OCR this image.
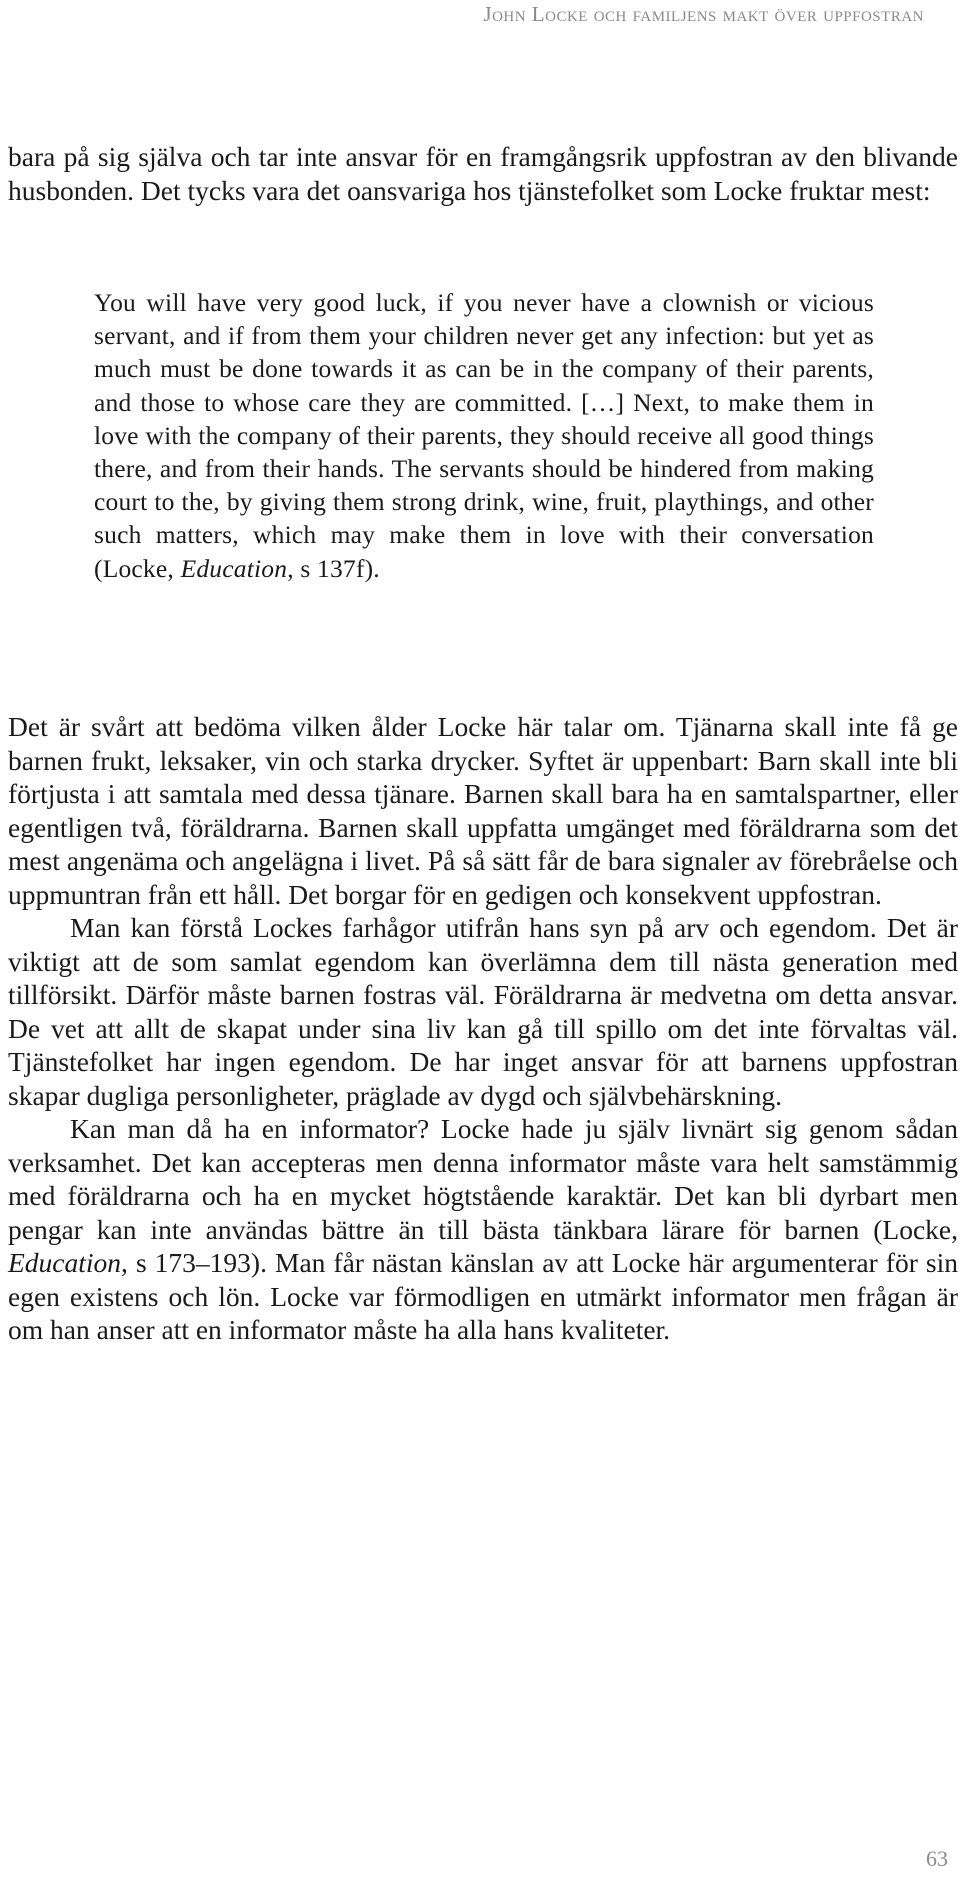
John Locke och familjens makt över uppfostran

bara på sig själva och tar inte ansvar för en framgångsrik uppfostran av den blivande husbonden. Det tycks vara det oansvariga hos tjänstefolket som Locke fruktar mest:

You will have very good luck, if you never have a clownish or vicious servant, and if from them your children never get any infection: but yet as much must be done towards it as can be in the company of their parents, and those to whose care they are committed. […] Next, to make them in love with the company of their parents, they should receive all good things there, and from their hands. The servants should be hindered from making court to the, by giving them strong drink, wine, fruit, playthings, and other such matters, which may make them in love with their conversation (Locke, Education, s 137f).

Det är svårt att bedöma vilken ålder Locke här talar om. Tjänarna skall inte få ge barnen frukt, leksaker, vin och starka drycker. Syftet är uppenbart: Barn skall inte bli förtjusta i att samtala med dessa tjänare. Barnen skall bara ha en samtalspartner, eller egentligen två, föräldrarna. Barnen skall uppfatta umgänget med föräldrarna som det mest angenäma och angelägna i livet. På så sätt får de bara signaler av förebråelse och uppmuntran från ett håll. Det borgar för en gedigen och konsekvent uppfostran.

Man kan förstå Lockes farhågor utifrån hans syn på arv och egendom. Det är viktigt att de som samlat egendom kan överlämna dem till nästa generation med tillförsikt. Därför måste barnen fostras väl. Föräldrarna är medvetna om detta ansvar. De vet att allt de skapat under sina liv kan gå till spillo om det inte förvaltas väl. Tjänstefolket har ingen egendom. De har inget ansvar för att barnens uppfostran skapar dugliga personligheter, präglade av dygd och självbehärskning.

Kan man då ha en informator? Locke hade ju själv livnärt sig genom sådan verksamhet. Det kan accepteras men denna informator måste vara helt samstämmig med föräldrarna och ha en mycket högtstående karaktär. Det kan bli dyrbart men pengar kan inte användas bättre än till bästa tänkbara lärare för barnen (Locke, Education, s 173–193). Man får nästan känslan av att Locke här argumenterar för sin egen existens och lön. Locke var förmodligen en utmärkt informator men frågan är om han anser att en informator måste ha alla hans kvaliteter.

63
